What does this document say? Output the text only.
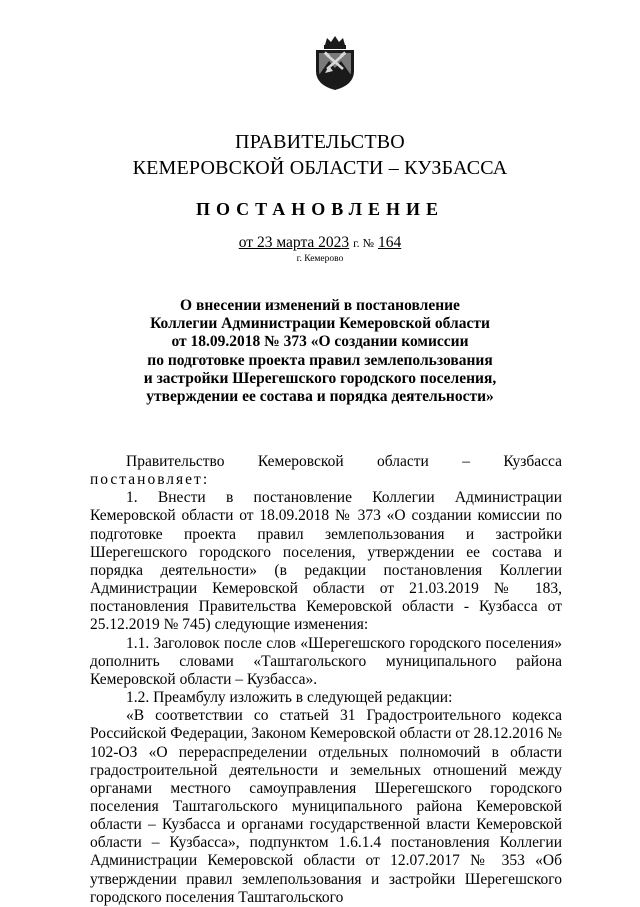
ПРАВИТЕЛЬСТВО
КЕМЕРОВСКОЙ ОБЛАСТИ – КУЗБАССА
ПОСТАНОВЛЕНИЕ
от 23 марта 2023 г. № 164
г. Кемерово
О внесении изменений в постановление
Коллегии Администрации Кемеровской области
от 18.09.2018 № 373 «О создании комиссии
по подготовке проекта правил землепользования
и застройки Шерегешского городского поселения,
утверждении ее состава и порядка деятельности»

Правительство Кемеровской области – Кузбасса постановляет:

1. Внести в постановление Коллегии Администрации Кемеровской области от 18.09.2018 № 373 «О создании комиссии по подготовке проекта правил землепользования и застройки Шерегешского городского поселения, утверждении ее состава и порядка деятельности» (в редакции постановления Коллегии Администрации Кемеровской области от 21.03.2019 № 183, постановления Правительства Кемеровской области - Кузбасса от 25.12.2019 № 745) следующие изменения:

1.1. Заголовок после слов «Шерегешского городского поселения» дополнить словами «Таштагольского муниципального района Кемеровской области – Кузбасса».

1.2. Преамбулу изложить в следующей редакции:

«В соответствии со статьей 31 Градостроительного кодекса Российской Федерации, Законом Кемеровской области от 28.12.2016 № 102-ОЗ «О перераспределении отдельных полномочий в области градостроительной деятельности и земельных отношений между органами местного самоуправления Шерегешского городского поселения Таштагольского муниципального района Кемеровской области – Кузбасса и органами государственной власти Кемеровской области – Кузбасса», подпунктом 1.6.1.4 постановления Коллегии Администрации Кемеровской области от 12.07.2017 № 353 «Об утверждении правил землепользования и застройки Шерегешского городского поселения Таштагольского
